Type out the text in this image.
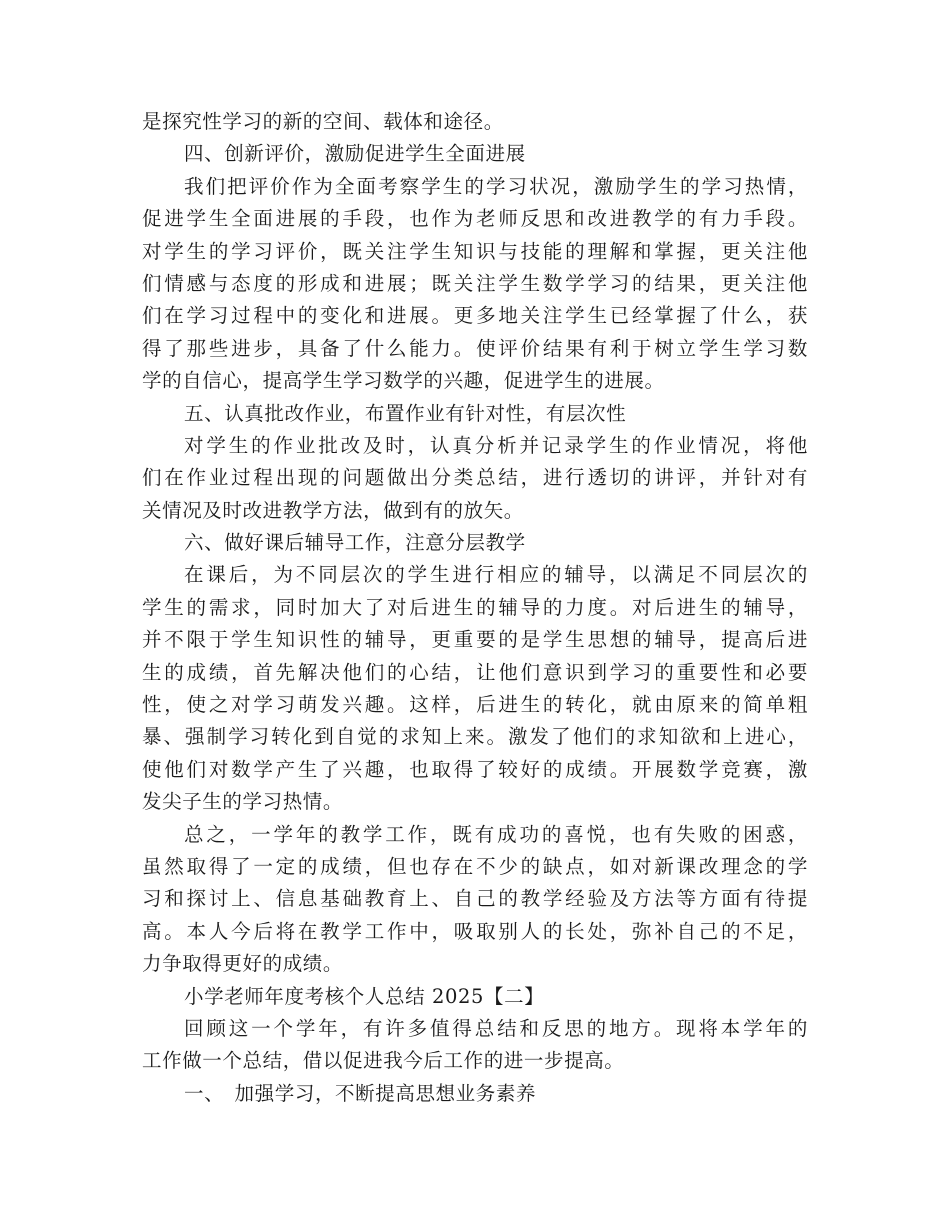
是探究性学习的新的空间、载体和途径。
四、创新评价，激励促进学生全面进展
我们把评价作为全面考察学生的学习状况，激励学生的学习热情，
促进学生全面进展的手段，也作为老师反思和改进教学的有力手段。
对学生的学习评价，既关注学生知识与技能的理解和掌握，更关注他
们情感与态度的形成和进展；既关注学生数学学习的结果，更关注他
们在学习过程中的变化和进展。更多地关注学生已经掌握了什么，获
得了那些进步，具备了什么能力。使评价结果有利于树立学生学习数
学的自信心，提高学生学习数学的兴趣，促进学生的进展。
五、认真批改作业，布置作业有针对性，有层次性
对学生的作业批改及时，认真分析并记录学生的作业情况，将他
们在作业过程出现的问题做出分类总结，进行透切的讲评，并针对有
关情况及时改进教学方法，做到有的放矢。
六、做好课后辅导工作，注意分层教学
在课后，为不同层次的学生进行相应的辅导，以满足不同层次的
学生的需求，同时加大了对后进生的辅导的力度。对后进生的辅导，
并不限于学生知识性的辅导，更重要的是学生思想的辅导，提高后进
生的成绩，首先解决他们的心结，让他们意识到学习的重要性和必要
性，使之对学习萌发兴趣。这样，后进生的转化，就由原来的简单粗
暴、强制学习转化到自觉的求知上来。激发了他们的求知欲和上进心，
使他们对数学产生了兴趣，也取得了较好的成绩。开展数学竞赛，激
发尖子生的学习热情。
总之，一学年的教学工作，既有成功的喜悦，也有失败的困惑，
虽然取得了一定的成绩，但也存在不少的缺点，如对新课改理念的学
习和探讨上、信息基础教育上、自己的教学经验及方法等方面有待提
高。本人今后将在教学工作中，吸取别人的长处，弥补自己的不足，
力争取得更好的成绩。
小学老师年度考核个人总结 2025【二】
回顾这一个学年，有许多值得总结和反思的地方。现将本学年的
工作做一个总结，借以促进我今后工作的进一步提高。
一、　加强学习，不断提高思想业务素养
